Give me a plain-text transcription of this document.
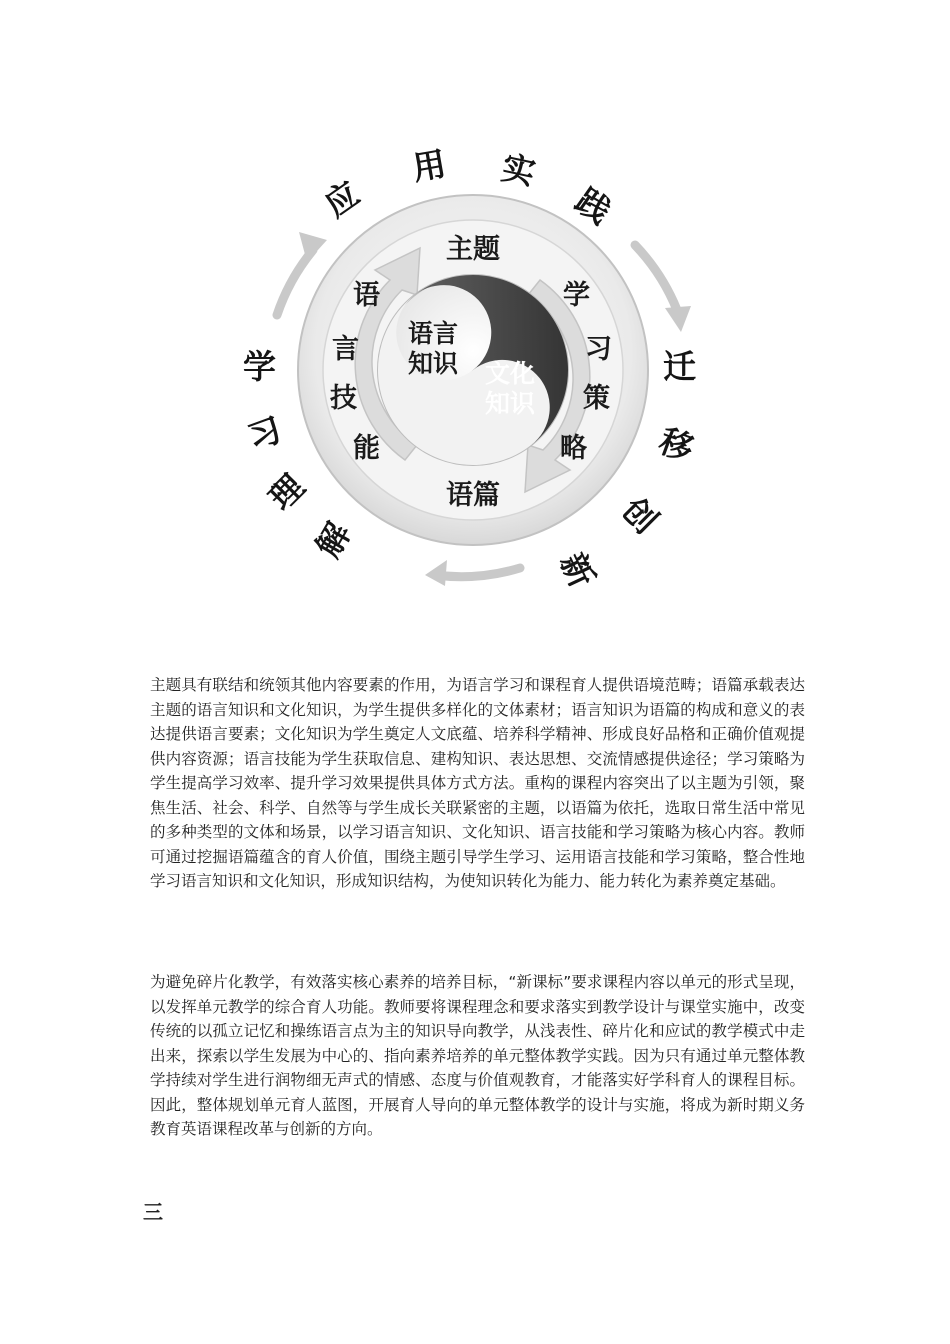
应
用 实
践
迁
移
创
新
学
习
理
解
主题
语篇
语
言
技
能
学
习
策
略
语言
知识 文化
知识

主题具有联结和统领其他内容要素的作用，为语言学习和课程育人提供语境范畴；语篇承载表达主题的语言知识和文化知识，为学生提供多样化的文体素材；语言知识为语篇的构成和意义的表达提供语言要素；文化知识为学生奠定人文底蕴、培养科学精神、形成良好品格和正确价值观提供内容资源；语言技能为学生获取信息、建构知识、表达思想、交流情感提供途径；学习策略为学生提高学习效率、提升学习效果提供具体方式方法。重构的课程内容突出了以主题为引领，聚焦生活、社会、科学、自然等与学生成长关联紧密的主题，以语篇为依托，选取日常生活中常见的多种类型的文体和场景，以学习语言知识、文化知识、语言技能和学习策略为核心内容。教师可通过挖掘语篇蕴含的育人价值，围绕主题引导学生学习、运用语言技能和学习策略，整合性地学习语言知识和文化知识，形成知识结构，为使知识转化为能力、能力转化为素养奠定基础。

为避免碎片化教学，有效落实核心素养的培养目标，“新课标”要求课程内容以单元的形式呈现，以发挥单元教学的综合育人功能。教师要将课程理念和要求落实到教学设计与课堂实施中，改变传统的以孤立记忆和操练语言点为主的知识导向教学，从浅表性、碎片化和应试的教学模式中走出来，探索以学生发展为中心的、指向素养培养的单元整体教学实践。因为只有通过单元整体教学持续对学生进行润物细无声式的情感、态度与价值观教育，才能落实好学科育人的课程目标。因此，整体规划单元育人蓝图，开展育人导向的单元整体教学的设计与实施，将成为新时期义务教育英语课程改革与创新的方向。

三
